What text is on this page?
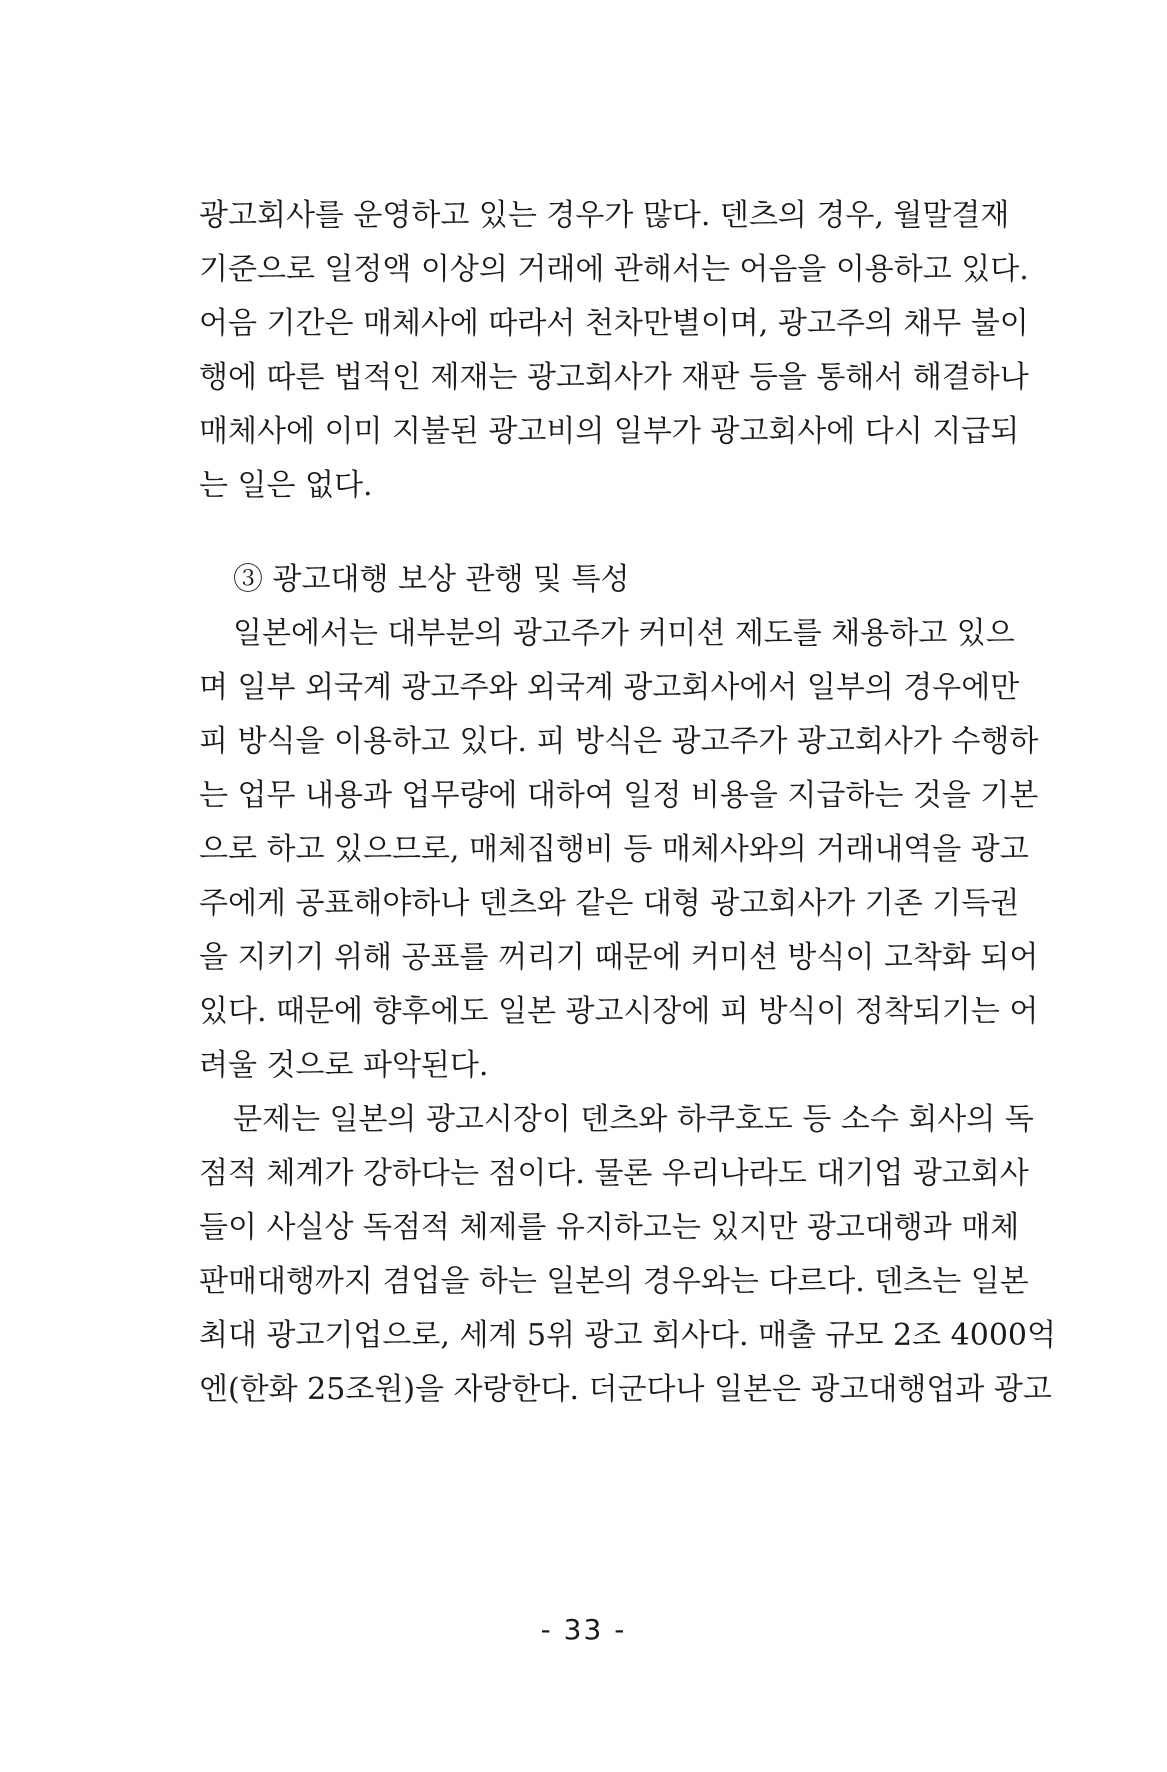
광고회사를 운영하고 있는 경우가 많다. 덴츠의 경우, 월말결재
기준으로 일정액 이상의 거래에 관해서는 어음을 이용하고 있다.
어음 기간은 매체사에 따라서 천차만별이며, 광고주의 채무 불이
행에 따른 법적인 제재는 광고회사가 재판 등을 통해서 해결하나
매체사에 이미 지불된 광고비의 일부가 광고회사에 다시 지급되
는 일은 없다.
③ 광고대행 보상 관행 및 특성
일본에서는 대부분의 광고주가 커미션 제도를 채용하고 있으
며 일부 외국계 광고주와 외국계 광고회사에서 일부의 경우에만
피 방식을 이용하고 있다. 피 방식은 광고주가 광고회사가 수행하
는 업무 내용과 업무량에 대하여 일정 비용을 지급하는 것을 기본
으로 하고 있으므로, 매체집행비 등 매체사와의 거래내역을 광고
주에게 공표해야하나 덴츠와 같은 대형 광고회사가 기존 기득권
을 지키기 위해 공표를 꺼리기 때문에 커미션 방식이 고착화 되어
있다. 때문에 향후에도 일본 광고시장에 피 방식이 정착되기는 어
려울 것으로 파악된다.
문제는 일본의 광고시장이 덴츠와 하쿠호도 등 소수 회사의 독
점적 체계가 강하다는 점이다. 물론 우리나라도 대기업 광고회사
들이 사실상 독점적 체제를 유지하고는 있지만 광고대행과 매체
판매대행까지 겸업을 하는 일본의 경우와는 다르다. 덴츠는 일본
최대 광고기업으로, 세계 5위 광고 회사다. 매출 규모 2조 4000억
엔(한화 25조원)을 자랑한다. 더군다나 일본은 광고대행업과 광고
- 33 -
